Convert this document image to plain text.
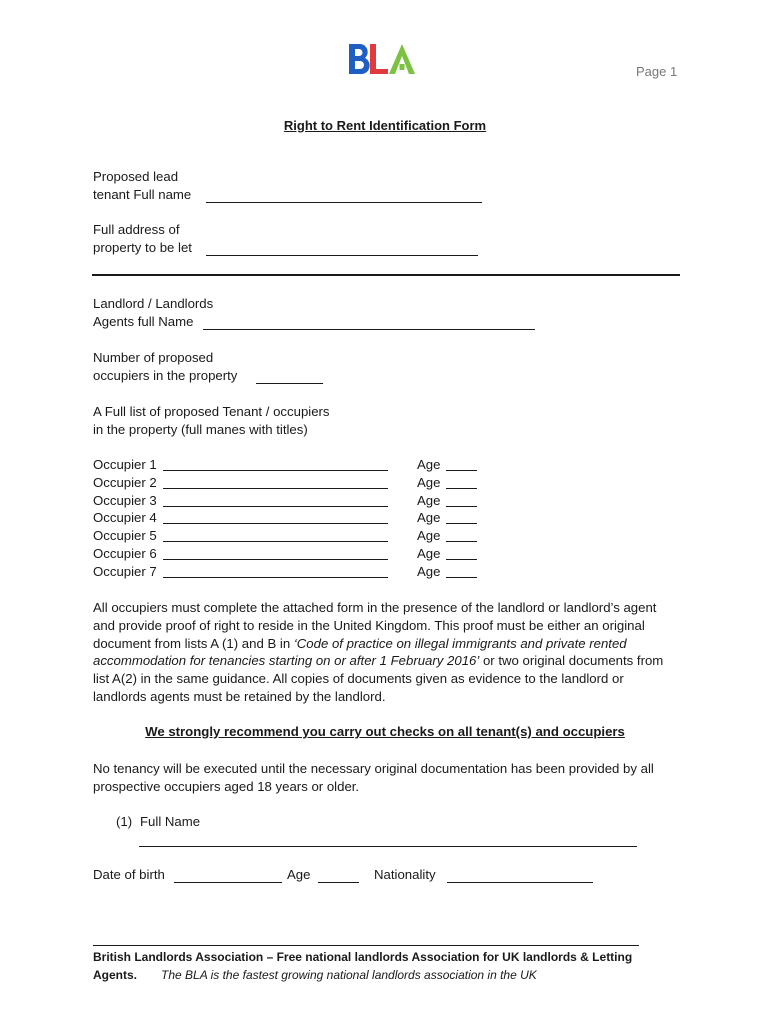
Page 1
Right to Rent Identification Form
Proposed lead
tenant Full name
Full address of
property to be let
Landlord / Landlords
Agents full Name
Number of proposed
occupiers in the property
A Full list of proposed Tenant / occupiers
in the property (full manes with titles)
Occupier 1	Age
Occupier 2	Age
Occupier 3	Age
Occupier 4	Age
Occupier 5	Age
Occupier 6	Age
Occupier 7	Age
All occupiers must complete the attached form in the presence of the landlord or landlord’s agent and provide proof of right to reside in the United Kingdom. This proof must be either an original document from lists A (1) and B in ‘Code of practice on illegal immigrants and private rented accommodation for tenancies starting on or after 1 February 2016’ or two original documents from list A(2) in the same guidance. All copies of documents given as evidence to the landlord or landlords agents must be retained by the landlord.
We strongly recommend you carry out checks on all tenant(s) and occupiers
No tenancy will be executed until the necessary original documentation has been provided by all prospective occupiers aged 18 years or older.
(1) Full Name
Date of birth	Age	Nationality
British Landlords Association – Free national landlords Association for UK landlords & Letting
Agents. The BLA is the fastest growing national landlords association in the UK
